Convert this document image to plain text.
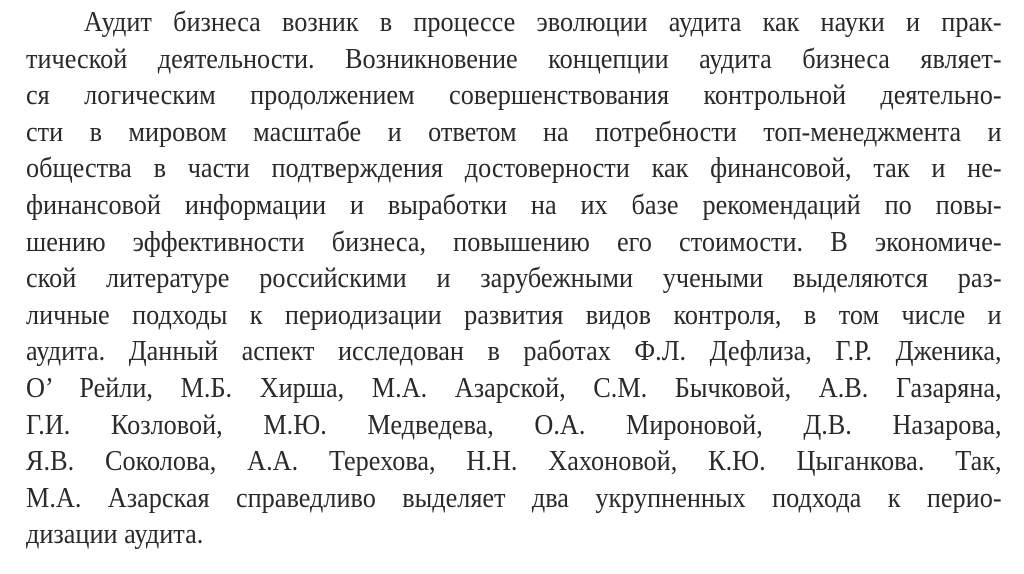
Аудит бизнеса возник в процессе эволюции аудита как науки и прак-
тической деятельности. Возникновение концепции аудита бизнеса являет-
ся логическим продолжением совершенствования контрольной деятельно-
сти в мировом масштабе и ответом на потребности топ-менеджмента и
общества в части подтверждения достоверности как финансовой, так и не-
финансовой информации и выработки на их базе рекомендаций по повы-
шению эффективности бизнеса, повышению его стоимости. В экономиче-
ской литературе российскими и зарубежными учеными выделяются раз-
личные подходы к периодизации развития видов контроля, в том числе и
аудита. Данный аспект исследован в работах Ф.Л. Дефлиза, Г.Р. Дженика,
О’ Рейли, М.Б. Хирша, М.А. Азарской, С.М. Бычковой, А.В. Газаряна,
Г.И. Козловой, М.Ю. Медведева, О.А. Мироновой, Д.В. Назарова,
Я.В. Соколова, А.А. Терехова, Н.Н. Хахоновой, К.Ю. Цыганкова. Так,
М.А. Азарская справедливо выделяет два укрупненных подхода к перио-
дизации аудита.
